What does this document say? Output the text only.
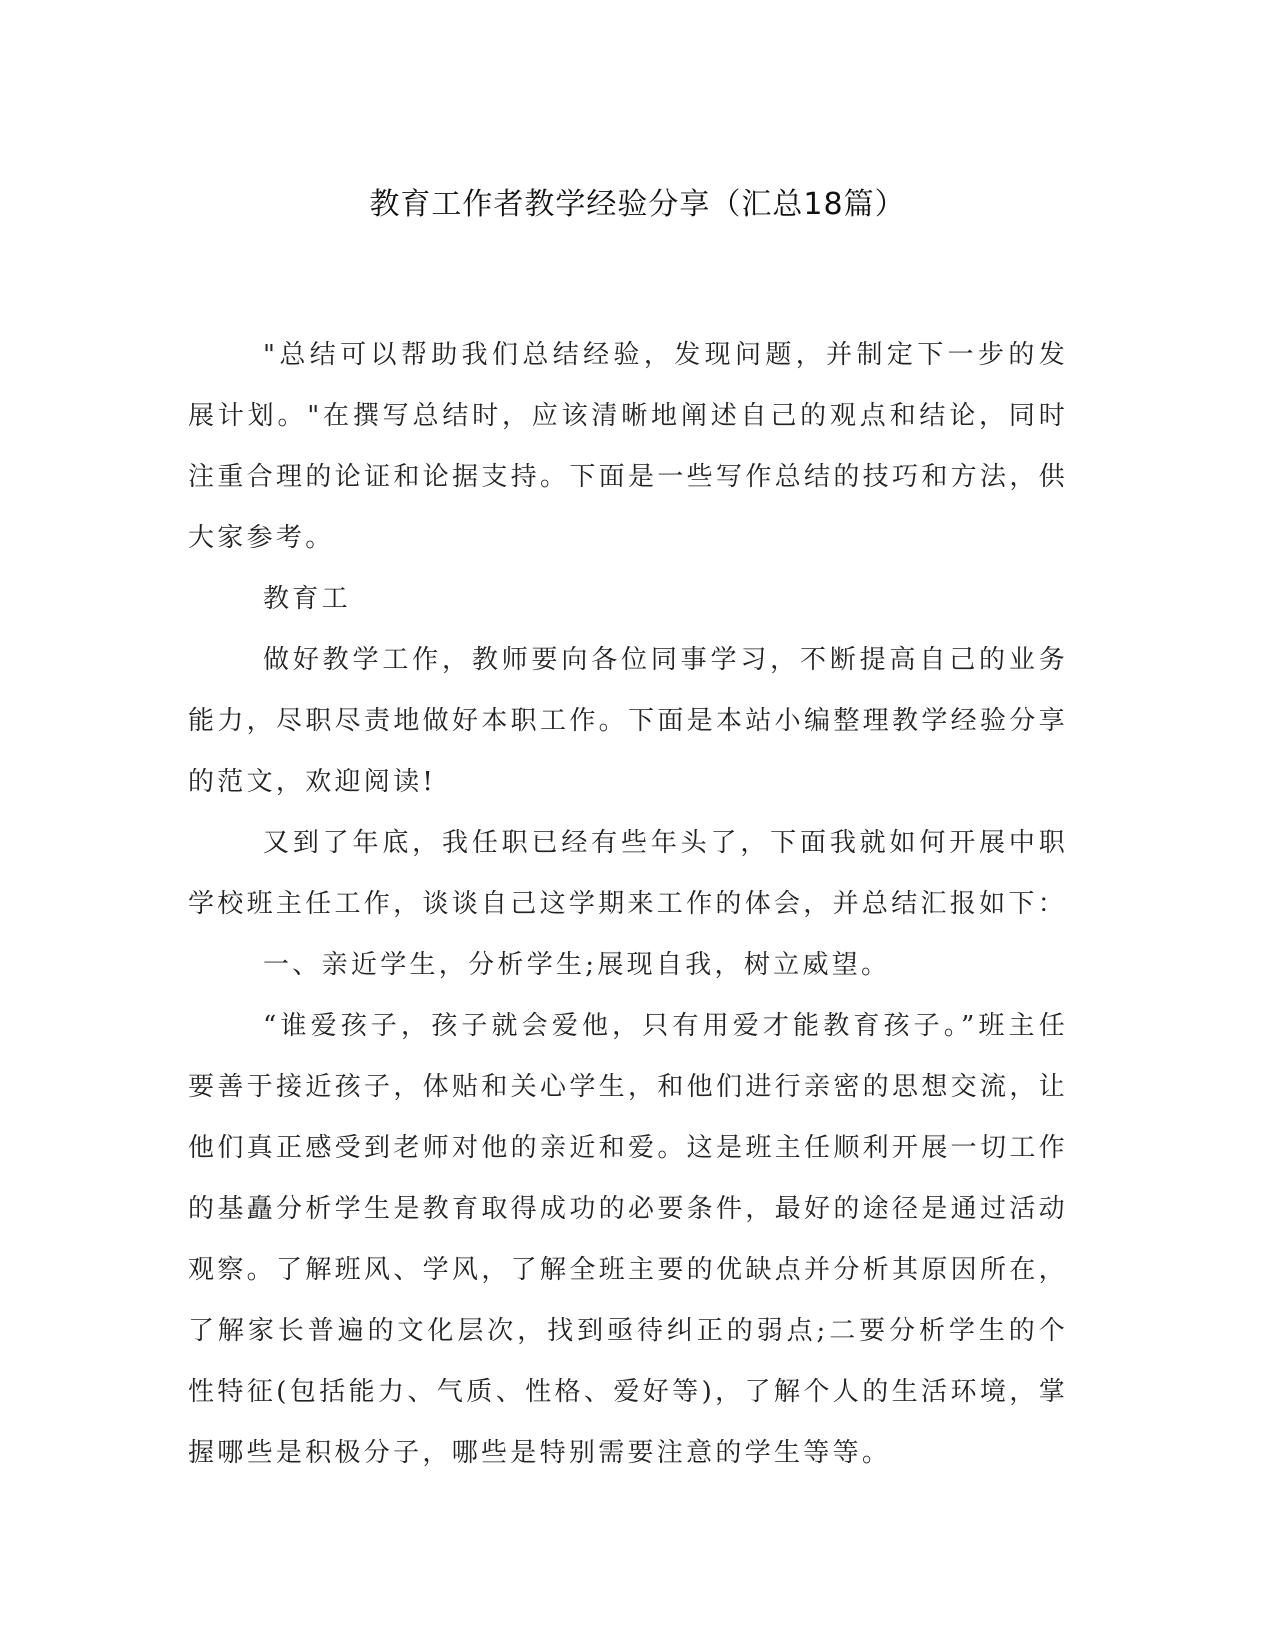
教育工作者教学经验分享（汇总18篇）

"总结可以帮助我们总结经验，发现问题，并制定下一步的发展计划。"在撰写总结时，应该清晰地阐述自己的观点和结论，同时注重合理的论证和论据支持。下面是一些写作总结的技巧和方法，供大家参考。

教育工

做好教学工作，教师要向各位同事学习，不断提高自己的业务能力，尽职尽责地做好本职工作。下面是本站小编整理教学经验分享的范文，欢迎阅读!

又到了年底，我任职已经有些年头了，下面我就如何开展中职学校班主任工作，谈谈自己这学期来工作的体会，并总结汇报如下：

一、亲近学生，分析学生;展现自我，树立威望。

“谁爱孩子，孩子就会爱他，只有用爱才能教育孩子。”班主任要善于接近孩子，体贴和关心学生，和他们进行亲密的思想交流，让他们真正感受到老师对他的亲近和爱。这是班主任顺利开展一切工作的基矗分析学生是教育取得成功的必要条件，最好的途径是通过活动观察。了解班风、学风，了解全班主要的优缺点并分析其原因所在，了解家长普遍的文化层次，找到亟待纠正的弱点;二要分析学生的个性特征(包括能力、气质、性格、爱好等)，了解个人的生活环境，掌握哪些是积极分子，哪些是特别需要注意的学生等等。
